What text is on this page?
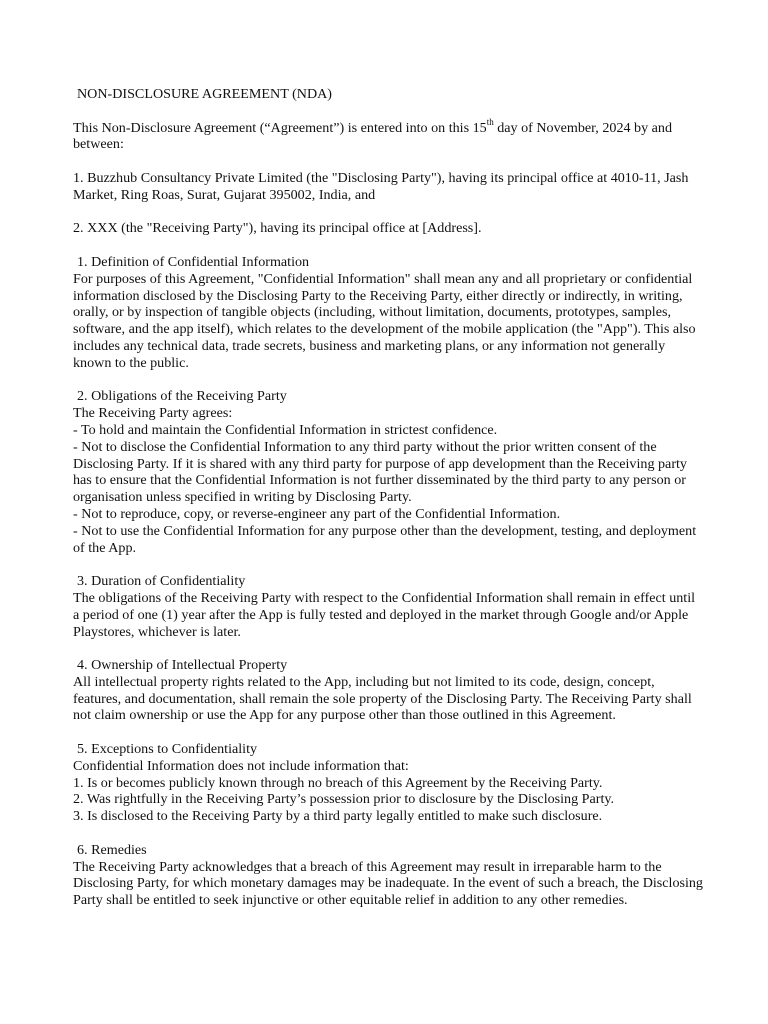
NON-DISCLOSURE AGREEMENT (NDA)

This Non-Disclosure Agreement (“Agreement”) is entered into on this 15th day of November, 2024 by and between:

1. Buzzhub Consultancy Private Limited (the "Disclosing Party"), having its principal office at 4010-11, Jash Market, Ring Roas, Surat, Gujarat 395002, India, and

2. XXX (the "Receiving Party"), having its principal office at [Address].

1. Definition of Confidential Information
For purposes of this Agreement, "Confidential Information" shall mean any and all proprietary or confidential information disclosed by the Disclosing Party to the Receiving Party, either directly or indirectly, in writing, orally, or by inspection of tangible objects (including, without limitation, documents, prototypes, samples, software, and the app itself), which relates to the development of the mobile application (the "App"). This also includes any technical data, trade secrets, business and marketing plans, or any information not generally known to the public.
2. Obligations of the Receiving Party
The Receiving Party agrees:
- To hold and maintain the Confidential Information in strictest confidence.
- Not to disclose the Confidential Information to any third party without the prior written consent of the Disclosing Party. If it is shared with any third party for purpose of app development than the Receiving party has to ensure that the Confidential Information is not further disseminated by the third party to any person or organisation unless specified in writing by Disclosing Party.
- Not to reproduce, copy, or reverse-engineer any part of the Confidential Information.
- Not to use the Confidential Information for any purpose other than the development, testing, and deployment of the App.
3. Duration of Confidentiality
The obligations of the Receiving Party with respect to the Confidential Information shall remain in effect until a period of one (1) year after the App is fully tested and deployed in the market through Google and/or Apple Playstores, whichever is later.
4. Ownership of Intellectual Property
All intellectual property rights related to the App, including but not limited to its code, design, concept, features, and documentation, shall remain the sole property of the Disclosing Party. The Receiving Party shall not claim ownership or use the App for any purpose other than those outlined in this Agreement.
5. Exceptions to Confidentiality
Confidential Information does not include information that:
1. Is or becomes publicly known through no breach of this Agreement by the Receiving Party.
2. Was rightfully in the Receiving Party’s possession prior to disclosure by the Disclosing Party.
3. Is disclosed to the Receiving Party by a third party legally entitled to make such disclosure.
6. Remedies
The Receiving Party acknowledges that a breach of this Agreement may result in irreparable harm to the Disclosing Party, for which monetary damages may be inadequate. In the event of such a breach, the Disclosing Party shall be entitled to seek injunctive or other equitable relief in addition to any other remedies.
